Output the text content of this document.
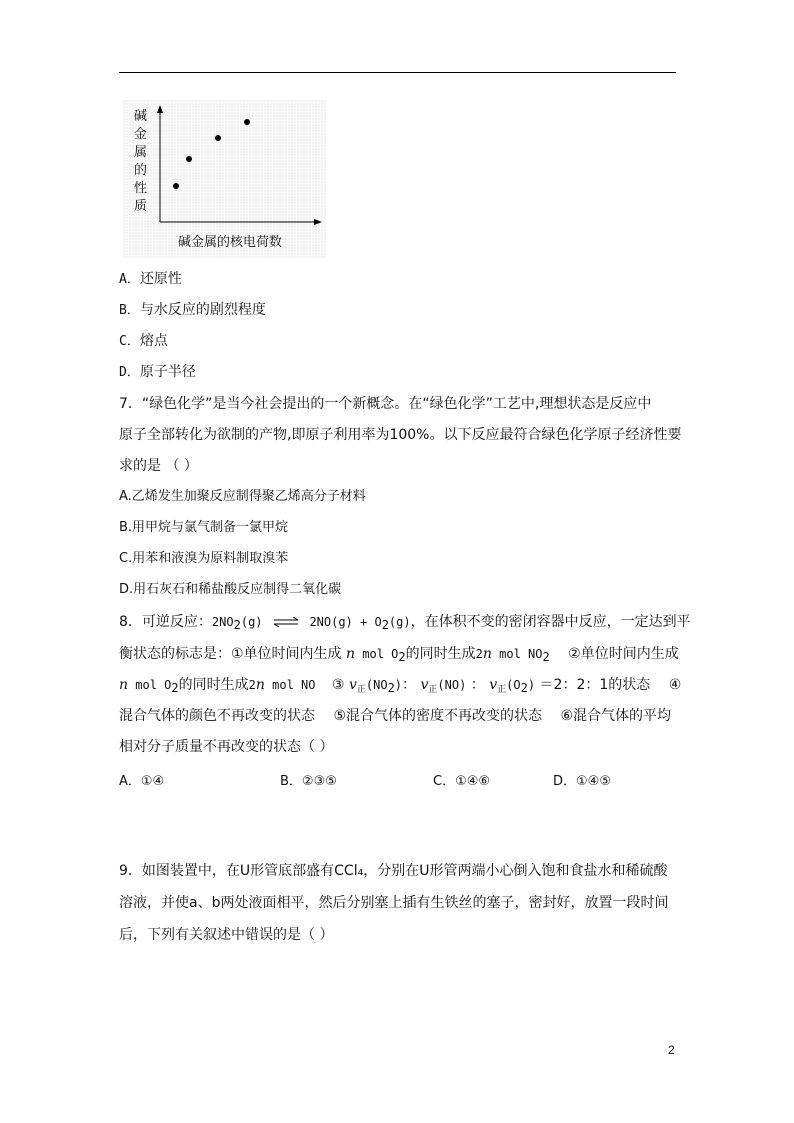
碱
金
属
的
性
质
碱金属的核电荷数
A．还原性
B．与水反应的剧烈程度
C．熔点
D．原子半径
7．“绿色化学”是当今社会提出的一个新概念。在“绿色化学”工艺中,理想状态是反应中
原子全部转化为欲制的产物,即原子利用率为100%。以下反应最符合绿色化学原子经济性要
求的是 （ ）
A.乙烯发生加聚反应制得聚乙烯高分子材料
B.用甲烷与氯气制备一氯甲烷
C.用苯和液溴为原料制取溴苯
D.用石灰石和稀盐酸反应制得二氧化碳
8．可逆反应：$2NO_2(g)$ ⇌ $2NO(g) + O_2(g)$，在体积不变的密闭容器中反应，一定达到平
衡状态的标志是：①单位时间内生成 n mol $O_2$的同时生成2n mol $NO_2$ ②单位时间内生成
n mol $O_2$的同时生成2n mol NO ③ $v_正(NO_2)$： $v_正(NO)$ ： $v_正(O_2) =2$：2：1的状态 ④
混合气体的颜色不再改变的状态　 ⑤混合气体的密度不再改变的状态　 ⑥混合气体的平均
相对分子质量不再改变的状态（ ）
A．①④	B．②③⑤	C．①④⑥	D．①④⑤
9．如图装置中，在U形管底部盛有CCl₄，分别在U形管两端小心倒入饱和食盐水和稀硫酸
溶液，并使a、b两处液面相平，然后分别塞上插有生铁丝的塞子，密封好，放置一段时间
后，下列有关叙述中错误的是（ ）
2
